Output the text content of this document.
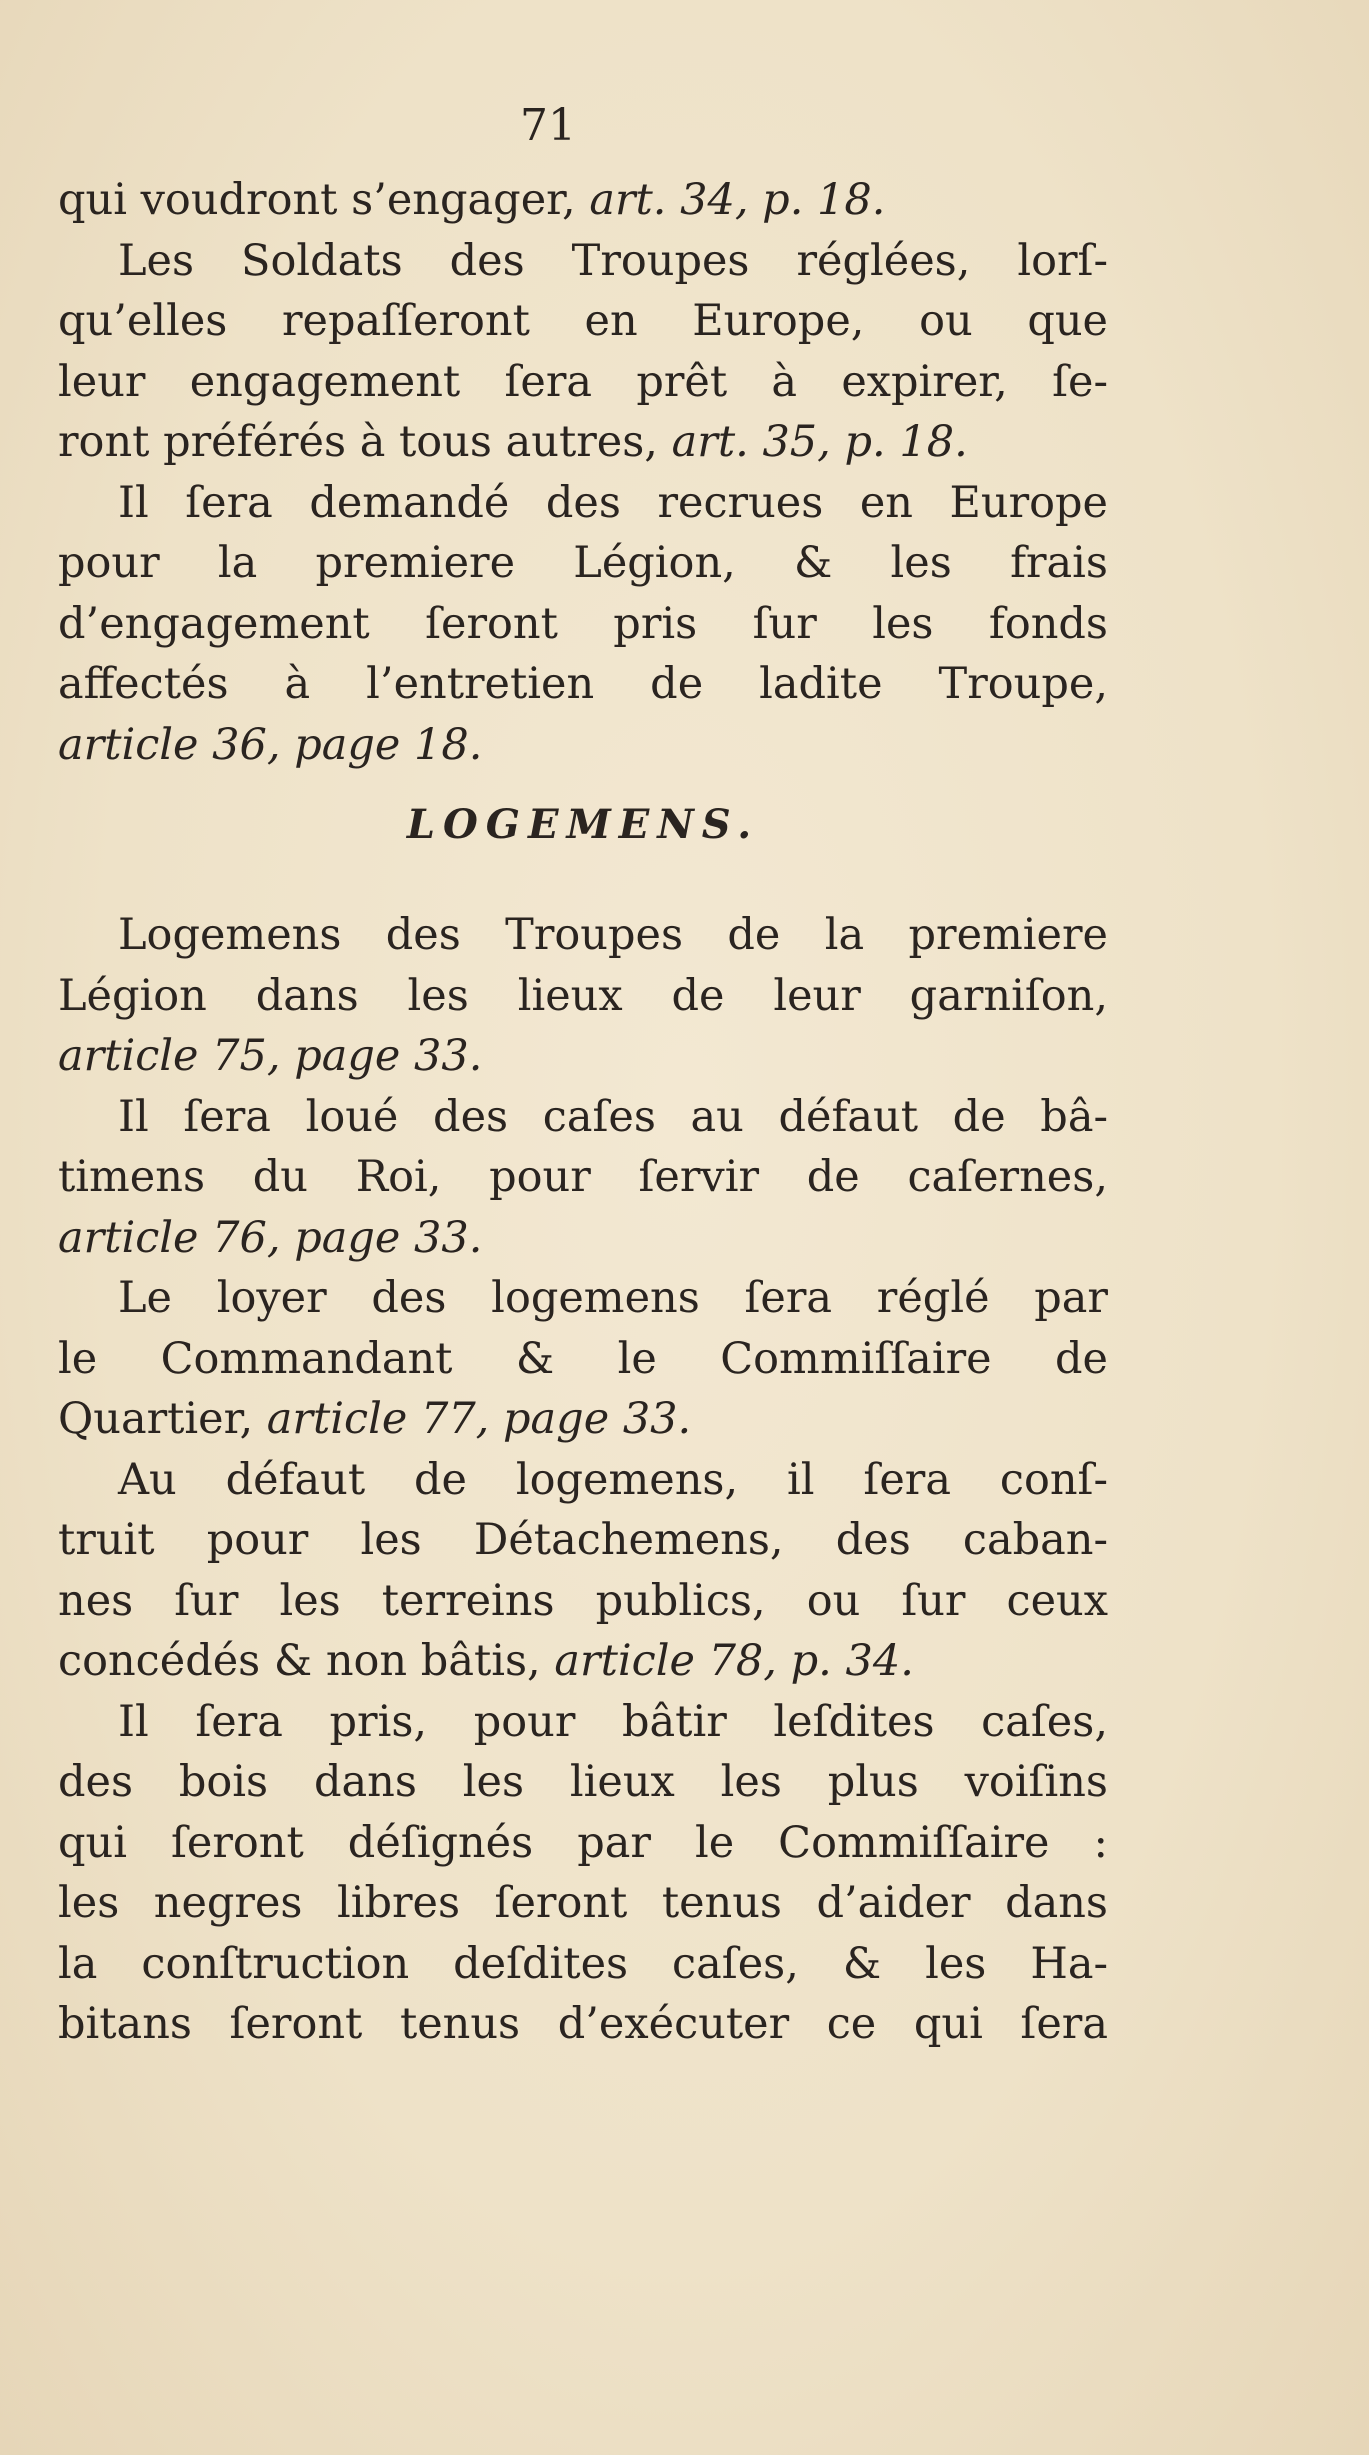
71

qui voudront s’engager, art. 34, p. 18.

Les Soldats des Troupes réglées, lorſ-

qu’elles repaſſeront en Europe, ou que

leur engagement ſera prêt à expirer, ſe-

ront préférés à tous autres, art. 35, p. 18.

Il ſera demandé des recrues en Europe

pour la premiere Légion, & les frais

d’engagement ſeront pris ſur les fonds

affectés à l’entretien de ladite Troupe,

article 36, page 18.

LOGEMENS.

Logemens des Troupes de la premiere

Légion dans les lieux de leur garniſon,

article 75, page 33.

Il ſera loué des caſes au défaut de bâ-

timens du Roi, pour ſervir de caſernes,

article 76, page 33.

Le loyer des logemens ſera réglé par

le Commandant & le Commiſſaire de

Quartier, article 77, page 33.

Au défaut de logemens, il ſera conſ-

truit pour les Détachemens, des caban-

nes ſur les terreins publics, ou ſur ceux

concédés & non bâtis, article 78, p. 34.

Il ſera pris, pour bâtir leſdites caſes,

des bois dans les lieux les plus voiſins

qui ſeront déſignés par le Commiſſaire :

les negres libres ſeront tenus d’aider dans

la conſtruction deſdites caſes, & les Ha-

bitans ſeront tenus d’exécuter ce qui ſera
